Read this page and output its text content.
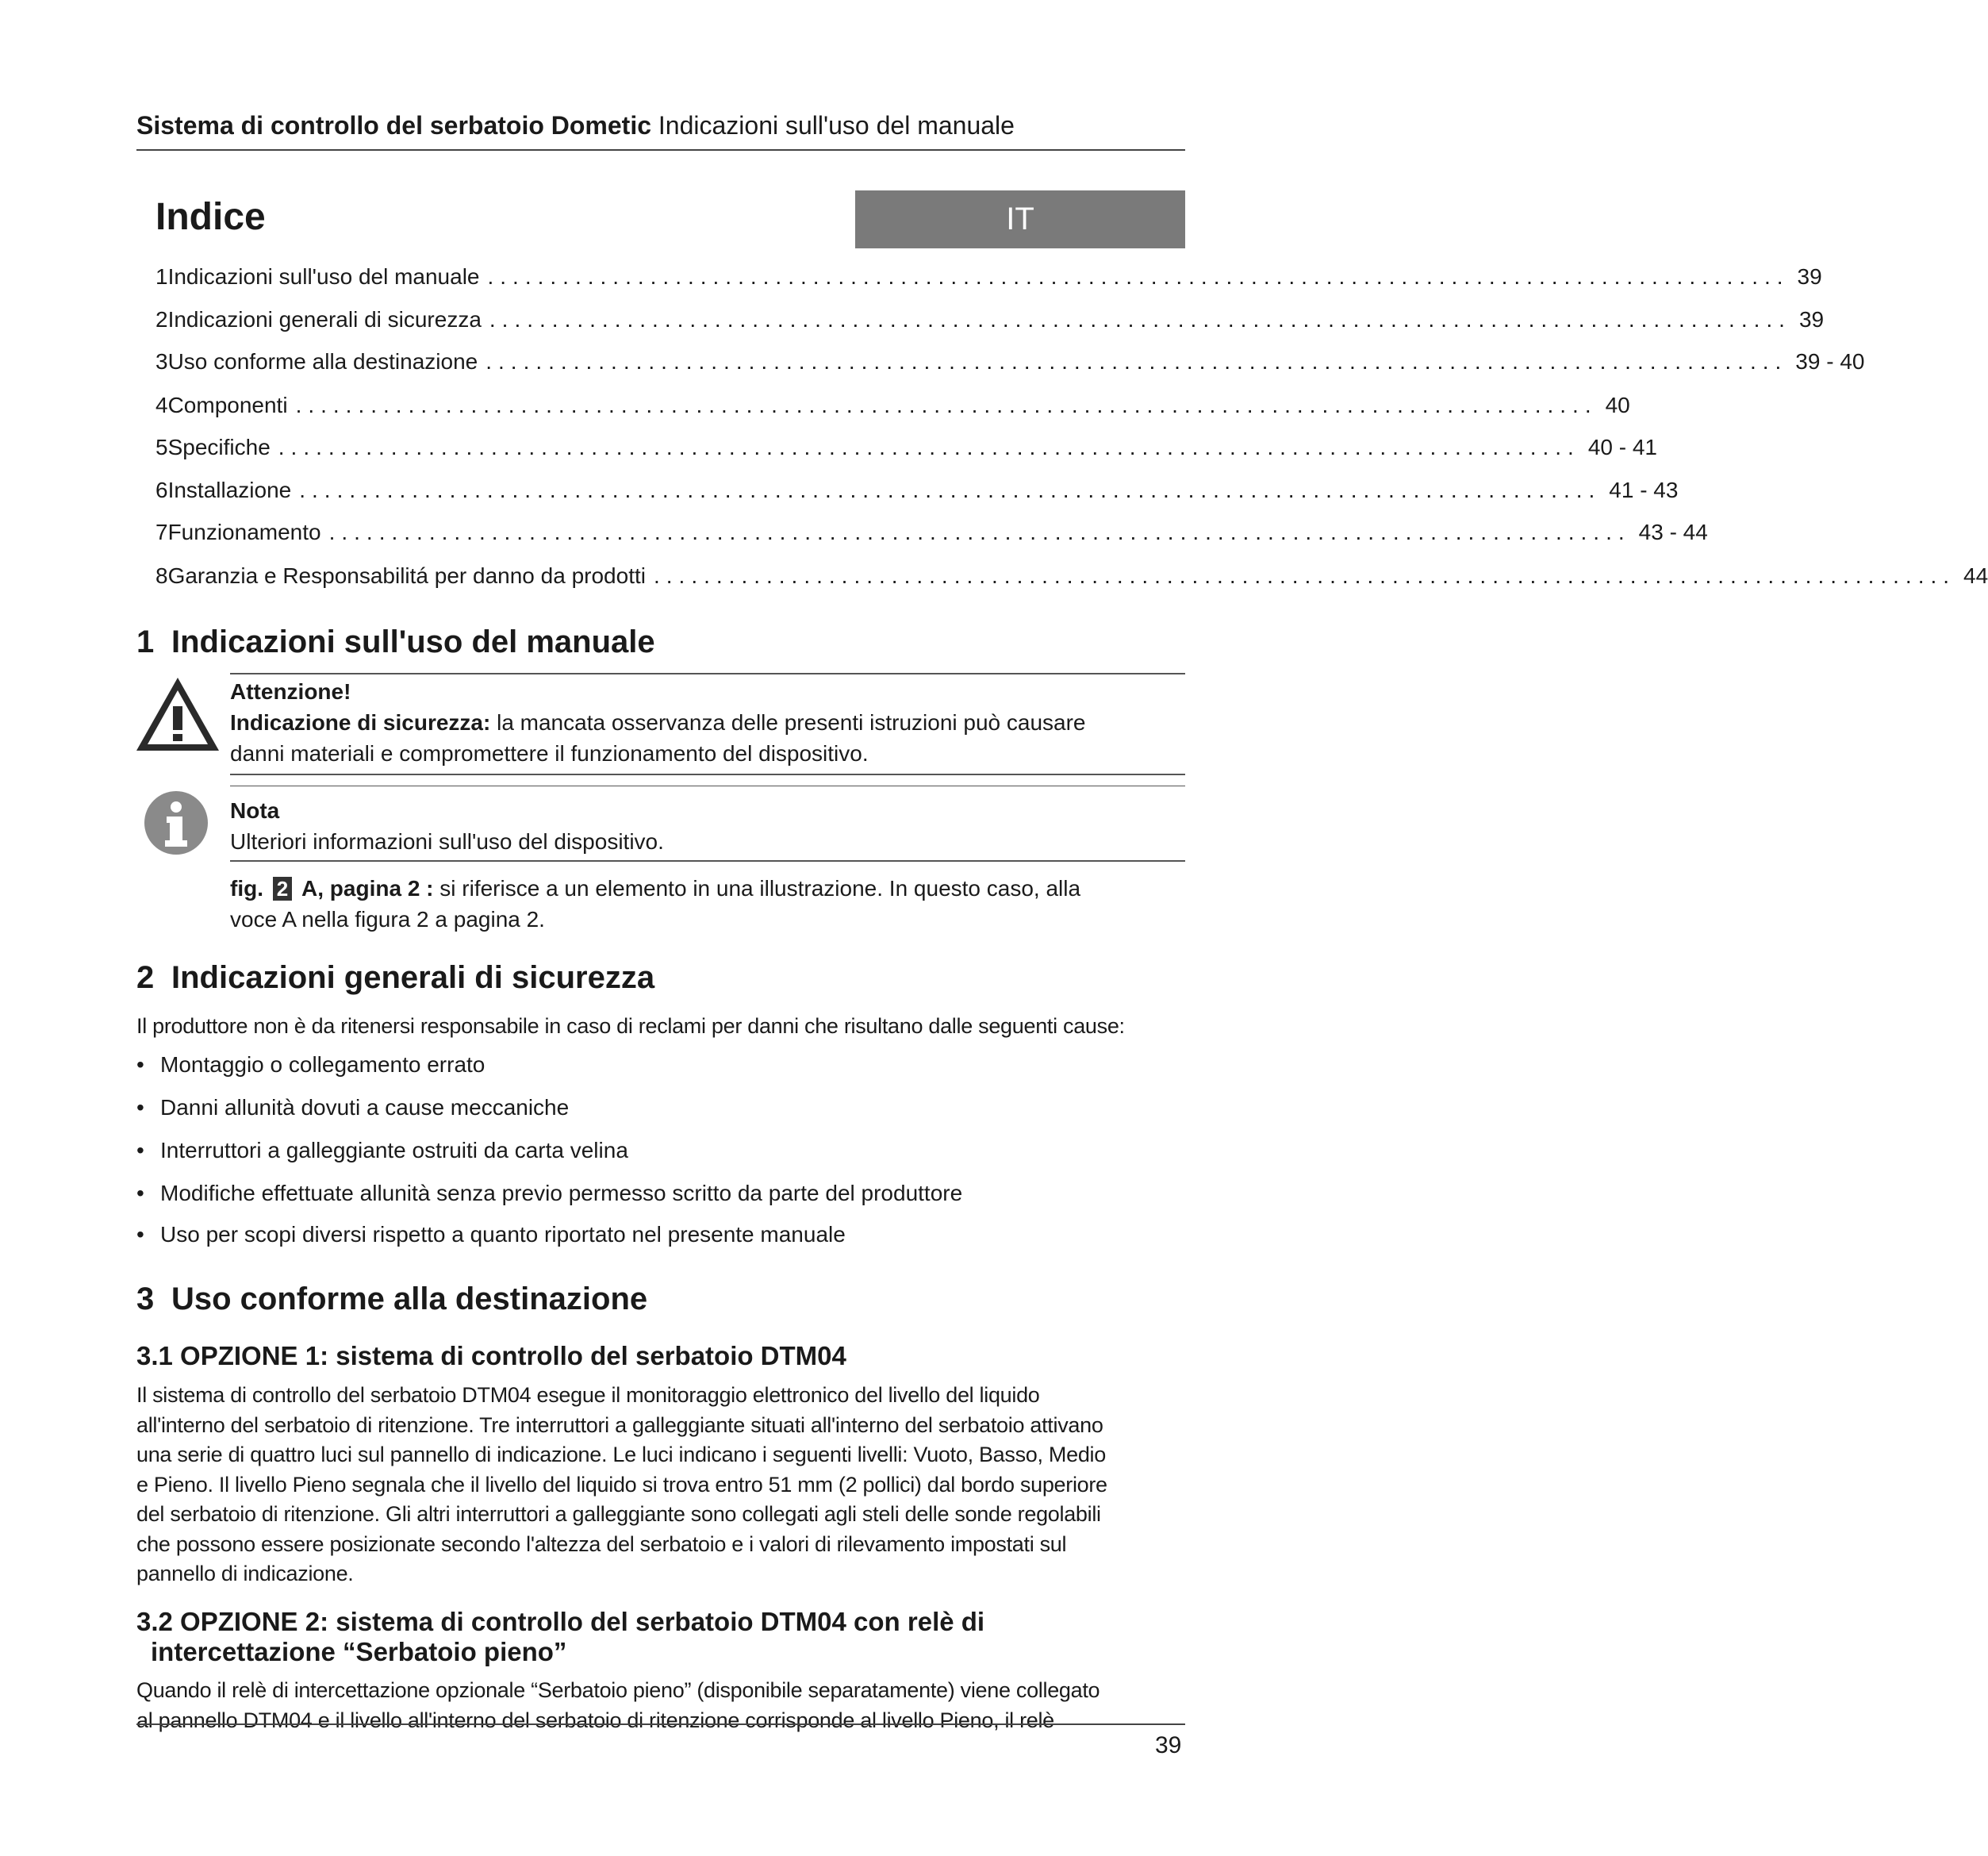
Sistema di controllo del serbatoio Dometic Indicazioni sull'uso del manuale
Indice	IT
1 Indicazioni sull'uso del manuale ........................................................................................................ 39
2 Indicazioni generali di sicurezza ........................................................................................................ 39
3 Uso conforme alla destinazione ........................................................................................................ 39 - 40
4 Componenti ........................................................................................................ 40
5 Specifiche ........................................................................................................ 40 - 41
6 Installazione ........................................................................................................ 41 - 43
7 Funzionamento ........................................................................................................ 43 - 44
8 Garanzia e Responsabilitá per danno da prodotti ........................................................................................................ 44
1 Indicazioni sull'uso del manuale
Attenzione!
Indicazione di sicurezza: la mancata osservanza delle presenti istruzioni può causare
danni materiali e compromettere il funzionamento del dispositivo.
Nota
Ulteriori informazioni sull'uso del dispositivo.
fig. 2 A, pagina 2 : si riferisce a un elemento in una illustrazione. In questo caso, alla
voce A nella figura 2 a pagina 2.
2 Indicazioni generali di sicurezza
Il produttore non è da ritenersi responsabile in caso di reclami per danni che risultano dalle seguenti cause:
• Montaggio o collegamento errato
• Danni allunità dovuti a cause meccaniche
• Interruttori a galleggiante ostruiti da carta velina
• Modifiche effettuate allunità senza previo permesso scritto da parte del produttore
• Uso per scopi diversi rispetto a quanto riportato nel presente manuale
3 Uso conforme alla destinazione
3.1 OPZIONE 1: sistema di controllo del serbatoio DTM04
Il sistema di controllo del serbatoio DTM04 esegue il monitoraggio elettronico del livello del liquido
all'interno del serbatoio di ritenzione. Tre interruttori a galleggiante situati all'interno del serbatoio attivano
una serie di quattro luci sul pannello di indicazione. Le luci indicano i seguenti livelli: Vuoto, Basso, Medio
e Pieno. Il livello Pieno segnala che il livello del liquido si trova entro 51 mm (2 pollici) dal bordo superiore
del serbatoio di ritenzione. Gli altri interruttori a galleggiante sono collegati agli steli delle sonde regolabili
che possono essere posizionate secondo l'altezza del serbatoio e i valori di rilevamento impostati sul
pannello di indicazione.
3.2 OPZIONE 2: sistema di controllo del serbatoio DTM04 con relè di
intercettazione “Serbatoio pieno”
Quando il relè di intercettazione opzionale “Serbatoio pieno” (disponibile separatamente) viene collegato
al pannello DTM04 e il livello all'interno del serbatoio di ritenzione corrisponde al livello Pieno, il relè
39
